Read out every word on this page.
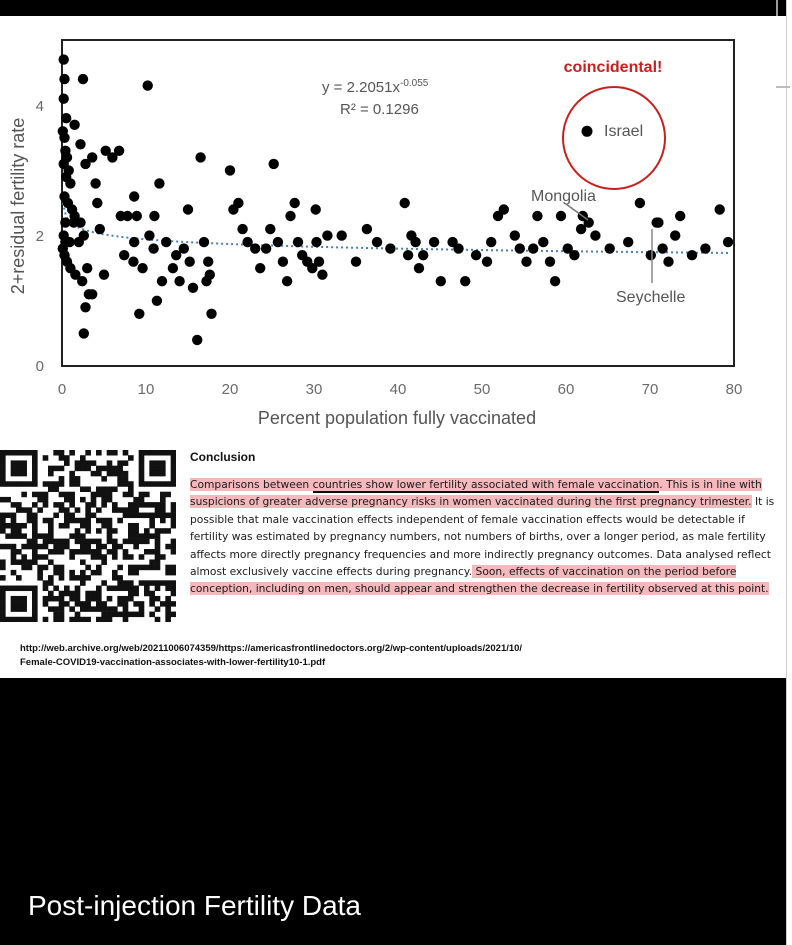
0
2
4
0	10	20	30	40	50	60	70	80
Percent population fully vaccinated
2+residual fertility rate
$y = 2.2051x^{-0.055}$
R² = 0.1296
coincidental!
Israel
Mongolia
Seychelle
Conclusion
Comparisons between countries show lower fertility associated with female vaccination. This is in line with suspicions of greater adverse pregnancy risks in women vaccinated during the first pregnancy trimester. It is possible that male vaccination effects independent of female vaccination effects would be detectable if fertility was estimated by pregnancy numbers, not numbers of births, over a longer period, as male fertility affects more directly pregnancy frequencies and more indirectly pregnancy outcomes. Data analysed reflect almost exclusively vaccine effects during pregnancy. Soon, effects of vaccination on the period before conception, including on men, should appear and strengthen the decrease in fertility observed at this point.
http://web.archive.org/web/20211006074359/https://americasfrontlinedoctors.org/2/wp-content/uploads/2021/10/
Female-COVID19-vaccination-associates-with-lower-fertility10-1.pdf
Post-injection Fertility Data
